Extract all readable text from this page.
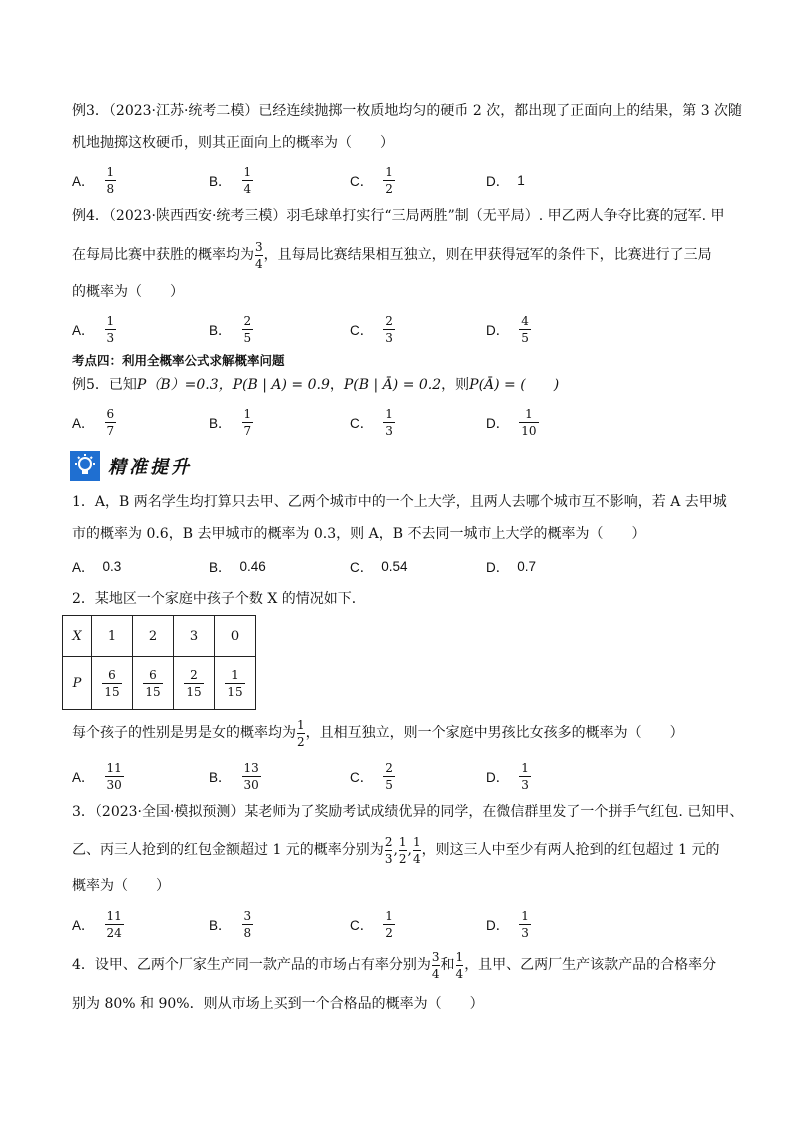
例3．（2023·江苏·统考二模）已经连续抛掷一枚质地均匀的硬币 2 次，都出现了正面向上的结果，第 3 次随
机地抛掷这枚硬币，则其正面向上的概率为（　　）
A． $\frac{1}{8}$	B． $\frac{1}{4}$	C． $\frac{1}{2}$	D． 1
例4．（2023·陕西西安·统考三模）羽毛球单打实行“三局两胜”制（无平局）. 甲乙两人争夺比赛的冠军. 甲
在每局比赛中获胜的概率均为 $\frac{3}{4}$ ，且每局比赛结果相互独立，则在甲获得冠军的条件下，比赛进行了三局
的概率为（　　）
A． $\frac{1}{3}$	B． $\frac{2}{5}$	C． $\frac{2}{3}$	D． $\frac{4}{5}$
考点四：利用全概率公式求解概率问题
例5．已知P（B）=0.3，P(B | A) = 0.9，P(B | Ā) = 0.2，则P(Ā) = (　　)
A． $\frac{6}{7}$	B． $\frac{1}{7}$	C． $\frac{1}{3}$	D． $\frac{1}{10}$
精准提升
1．A，B 两名学生均打算只去甲、乙两个城市中的一个上大学，且两人去哪个城市互不影响，若 A 去甲城
市的概率为 0.6，B 去甲城市的概率为 0.3，则 A，B 不去同一城市上大学的概率为（　　）
A． 0.3	B． 0.46	C． 0.54	D． 0.7
2．某地区一个家庭中孩子个数 X 的情况如下．
X	1	2	3	0
P	$\frac{6}{15}$	$\frac{6}{15}$	$\frac{2}{15}$	$\frac{1}{15}$
每个孩子的性别是男是女的概率均为 $\frac{1}{2}$ ，且相互独立，则一个家庭中男孩比女孩多的概率为（　　）
A． $\frac{11}{30}$	B． $\frac{13}{30}$	C． $\frac{2}{5}$	D． $\frac{1}{3}$
3．（2023·全国·模拟预测）某老师为了奖励考试成绩优异的同学，在微信群里发了一个拼手气红包. 已知甲、
乙、丙三人抢到的红包金额超过 1 元的概率分别为 $\frac{2}{3}$ , $\frac{1}{2}$ , $\frac{1}{4}$ ，则这三人中至少有两人抢到的红包超过 1 元的
概率为（　　）
A． $\frac{11}{24}$	B． $\frac{3}{8}$	C． $\frac{1}{2}$	D． $\frac{1}{3}$
4．设甲、乙两个厂家生产同一款产品的市场占有率分别为 $\frac{3}{4}$ 和 $\frac{1}{4}$ ，且甲、乙两厂生产该款产品的合格率分
别为 80% 和 90%．则从市场上买到一个合格品的概率为（　　）
